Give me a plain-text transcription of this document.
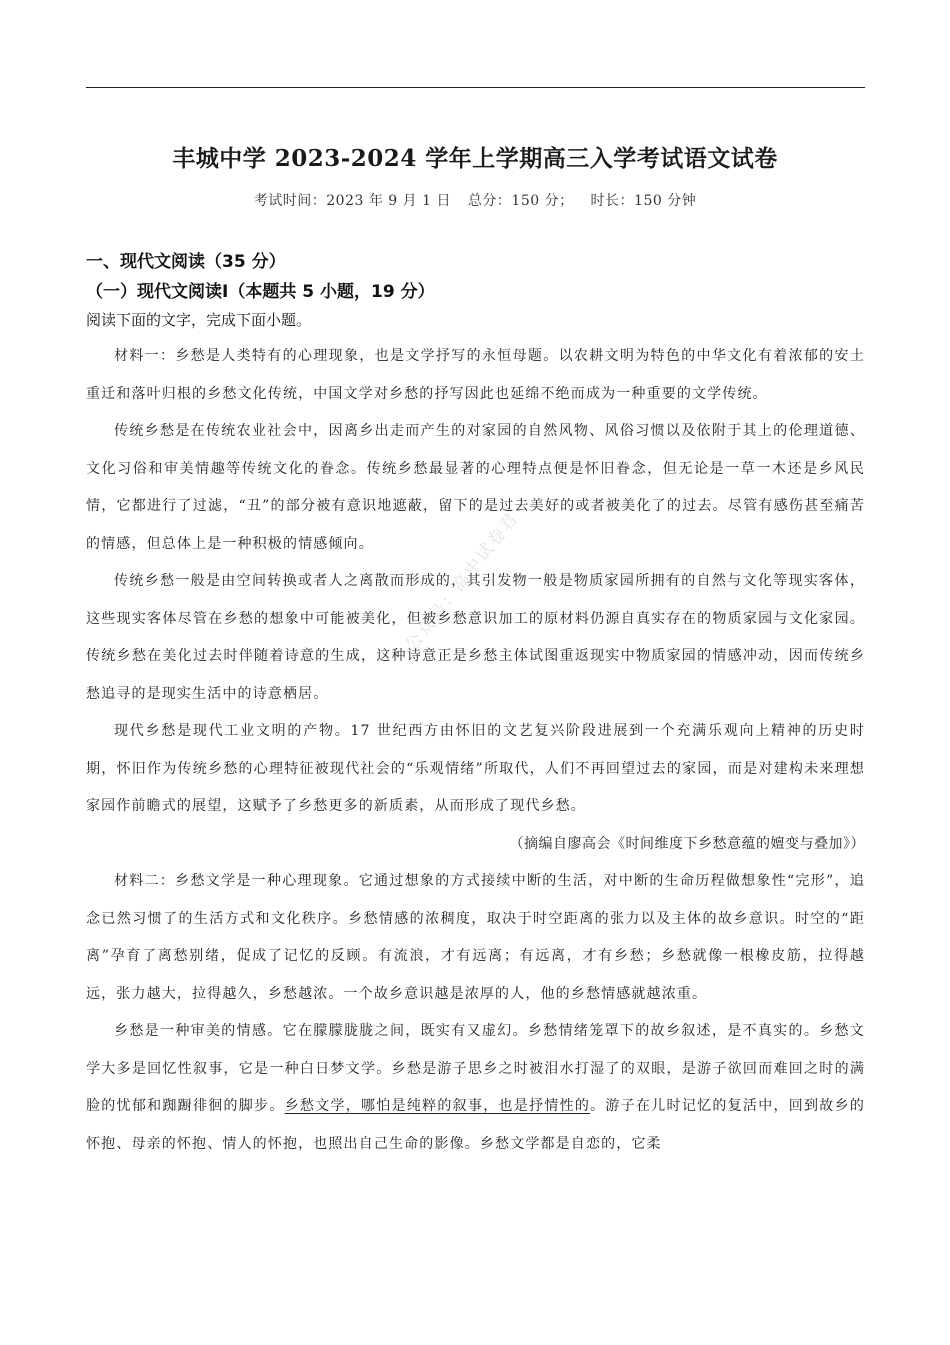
丰城中学 2023-2024 学年上学期高三入学考试语文试卷
考试时间：2023 年 9 月 1 日 总分：150 分； 时长：150 分钟
一、现代文阅读（35 分）
（一）现代文阅读Ⅰ（本题共 5 小题，19 分）

阅读下面的文字，完成下面小题。

材料一：乡愁是人类特有的心理现象，也是文学抒写的永恒母题。以农耕文明为特色的中华文化有着浓郁的安土重迁和落叶归根的乡愁文化传统，中国文学对乡愁的抒写因此也延绵不绝而成为一种重要的文学传统。

传统乡愁是在传统农业社会中，因离乡出走而产生的对家园的自然风物、风俗习惯以及依附于其上的伦理道德、文化习俗和审美情趣等传统文化的眷念。传统乡愁最显著的心理特点便是怀旧眷念，但无论是一草一木还是乡风民情，它都进行了过滤，“丑”的部分被有意识地遮蔽，留下的是过去美好的或者被美化了的过去。尽管有感伤甚至痛苦的情感，但总体上是一种积极的情感倾向。

传统乡愁一般是由空间转换或者人之离散而形成的，其引发物一般是物质家园所拥有的自然与文化等现实客体，这些现实客体尽管在乡愁的想象中可能被美化，但被乡愁意识加工的原材料仍源自真实存在的物质家园与文化家园。传统乡愁在美化过去时伴随着诗意的生成，这种诗意正是乡愁主体试图重返现实中物质家园的情感冲动，因而传统乡愁追寻的是现实生活中的诗意栖居。

现代乡愁是现代工业文明的产物。17 世纪西方由怀旧的文艺复兴阶段进展到一个充满乐观向上精神的历史时期，怀旧作为传统乡愁的心理特征被现代社会的“乐观情绪”所取代，人们不再回望过去的家园，而是对建构未来理想家园作前瞻式的展望，这赋予了乡愁更多的新质素，从而形成了现代乡愁。

（摘编自廖高会《时间维度下乡愁意蕴的嬗变与叠加》）

材料二：乡愁文学是一种心理现象。它通过想象的方式接续中断的生活，对中断的生命历程做想象性“完形”，追念已然习惯了的生活方式和文化秩序。乡愁情感的浓稠度，取决于时空距离的张力以及主体的故乡意识。时空的“距离”孕育了离愁别绪，促成了记忆的反顾。有流浪，才有远离；有远离，才有乡愁；乡愁就像一根橡皮筋，拉得越远，张力越大，拉得越久，乡愁越浓。一个故乡意识越是浓厚的人，他的乡愁情感就越浓重。

乡愁是一种审美的情感。它在朦朦胧胧之间，既实有又虚幻。乡愁情绪笼罩下的故乡叙述，是不真实的。乡愁文学大多是回忆性叙事，它是一种白日梦文学。乡愁是游子思乡之时被泪水打湿了的双眼，是游子欲回而难回之时的满脸的忧郁和踟蹰徘徊的脚步。乡愁文学，哪怕是纯粹的叙事，也是抒情性的。游子在儿时记忆的复活中，回到故乡的怀抱、母亲的怀抱、情人的怀抱，也照出自己生命的影像。乡愁文学都是自恋的，它柔

公众号：高中试卷君
